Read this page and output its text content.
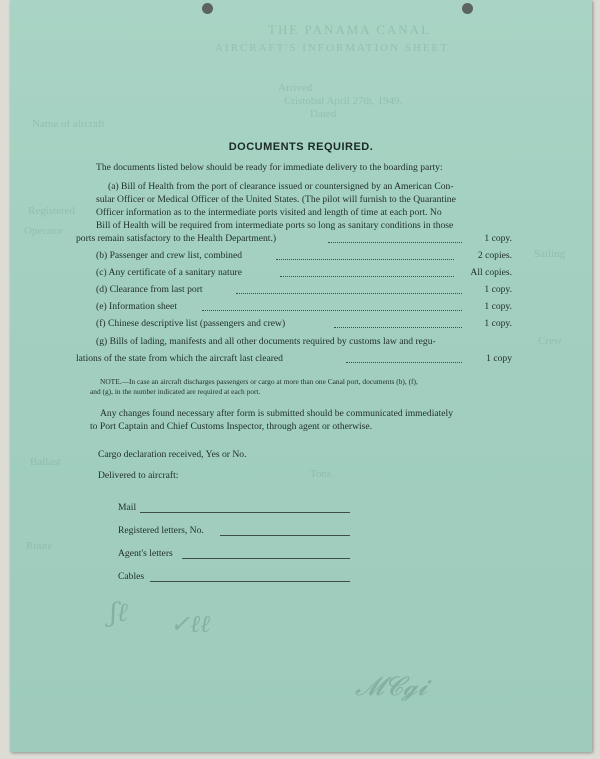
THE PANAMA CANAL
AIRCRAFT'S INFORMATION SHEET
Arrived
Cristobal April 27th, 1949.
Dated
Name of aircraft
Registered
Operator
Sailing
Crew
Ballast
Tons
Route
ʃℓ ✓ℓℓ
𝓜𝓒𝓰𝓲
DOCUMENTS REQUIRED.
The documents listed below should be ready for immediate delivery to the boarding party:
(a) Bill of Health from the port of clearance issued or countersigned by an American Con-
sular Officer or Medical Officer of the United States. (The pilot will furnish to the Quarantine
Officer information as to the intermediate ports visited and length of time at each port. No
Bill of Health will be required from intermediate ports so long as sanitary conditions in those
ports remain satisfactory to the Health Department.)	1 copy.
(b) Passenger and crew list, combined	2 copies.
(c) Any certificate of a sanitary nature	All copies.
(d) Clearance from last port	1 copy.
(e) Information sheet	1 copy.
(f) Chinese descriptive list (passengers and crew)	1 copy.
(g) Bills of lading, manifests and all other documents required by customs law and regu-
lations of the state from which the aircraft last cleared	1 copy
NOTE.—In case an aircraft discharges passengers or cargo at more than one Canal port, documents (b), (f),
and (g), in the number indicated are required at each port.
Any changes found necessary after form is submitted should be communicated immediately
to Port Captain and Chief Customs Inspector, through agent or otherwise.
Cargo declaration received, Yes or No.
Delivered to aircraft:
Mail
Registered letters, No.
Agent's letters
Cables
